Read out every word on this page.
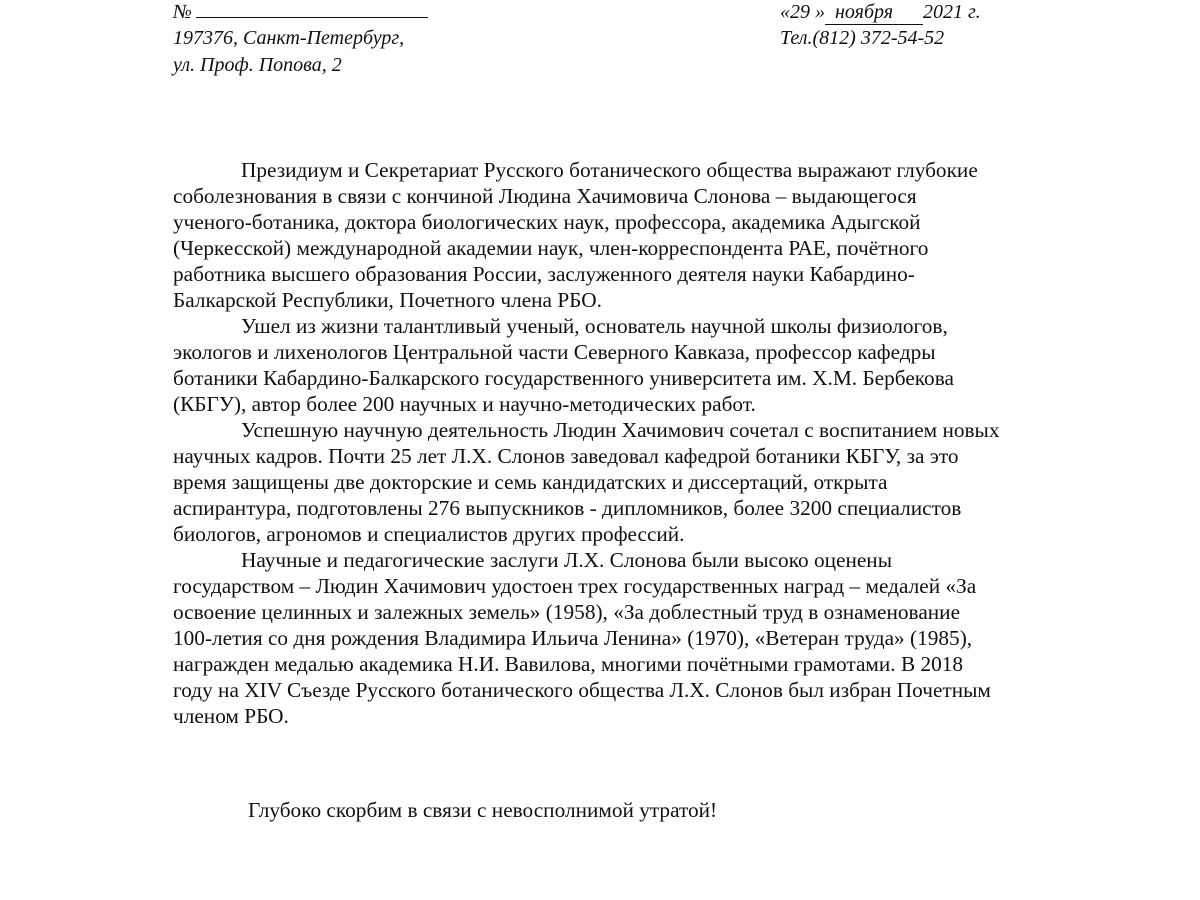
№
197376, Санкт-Петербург,
ул. Проф. Попова, 2
«29 » ноября 2021 г.
Тел.(812) 372-54-52

Президиум и Секретариат Русского ботанического общества выражают глубокие
соболезнования в связи с кончиной Людина Хачимовича Слонова – выдающегося
ученого-ботаника, доктора биологических наук, профессора, академика Адыгской
(Черкесской) международной академии наук, член-корреспондента РАЕ, почётного
работника высшего образования России, заслуженного деятеля науки Кабардино-
Балкарской Республики, Почетного члена РБО.

Ушел из жизни талантливый ученый, основатель научной школы физиологов,
экологов и лихенологов Центральной части Северного Кавказа, профессор кафедры
ботаники Кабардино-Балкарского государственного университета им. Х.М. Бербекова
(КБГУ), автор более 200 научных и научно-методических работ.

Успешную научную деятельность Людин Хачимович сочетал с воспитанием новых
научных кадров. Почти 25 лет Л.Х. Слонов заведовал кафедрой ботаники КБГУ, за это
время защищены две докторские и семь кандидатских и диссертаций, открыта
аспирантура, подготовлены 276 выпускников - дипломников, более 3200 специалистов
биологов, агрономов и специалистов других профессий.

Научные и педагогические заслуги Л.Х. Слонова были высоко оценены
государством – Людин Хачимович удостоен трех государственных наград – медалей «За
освоение целинных и залежных земель» (1958), «За доблестный труд в ознаменование
100-летия со дня рождения Владимира Ильича Ленина» (1970), «Ветеран труда» (1985),
награжден медалью академика Н.И. Вавилова, многими почётными грамотами. В 2018
году на XIV Съезде Русского ботанического общества Л.Х. Слонов был избран Почетным
членом РБО.

Глубоко скорбим в связи с невосполнимой утратой!
